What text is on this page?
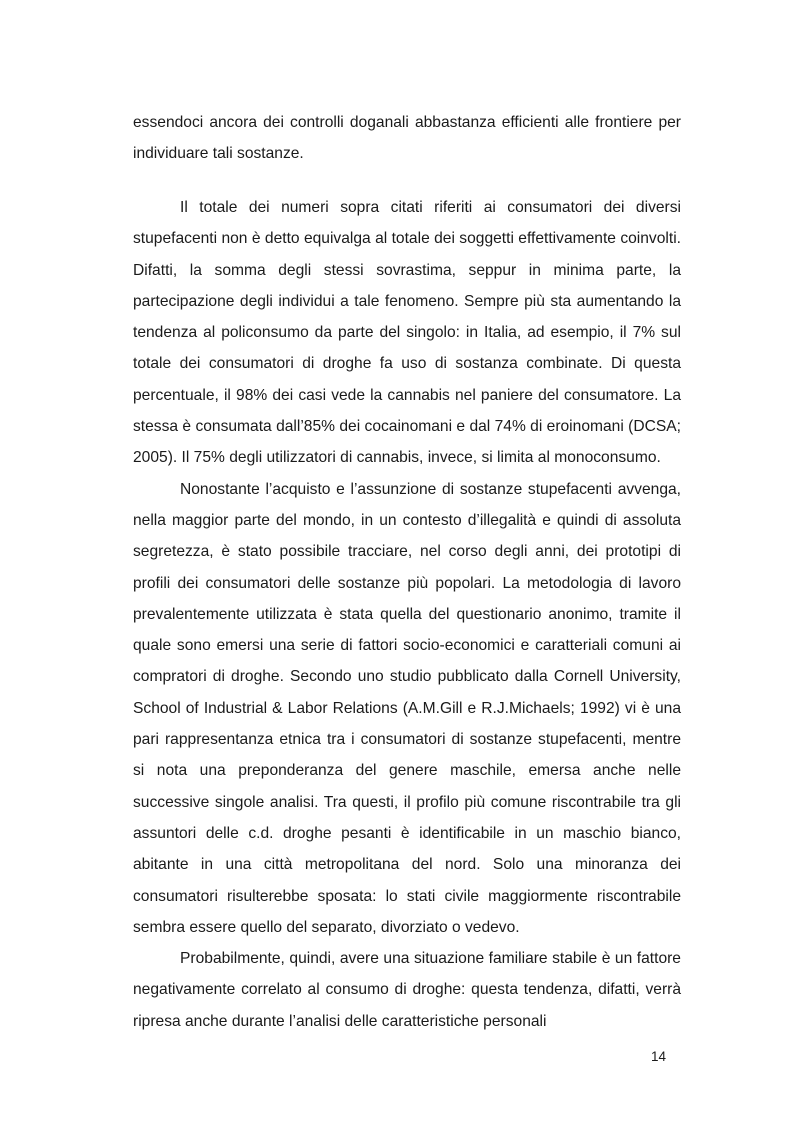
essendoci ancora dei controlli doganali abbastanza efficienti alle frontiere per individuare tali sostanze.

Il totale dei numeri sopra citati riferiti ai consumatori dei diversi stupefacenti non è detto equivalga al totale dei soggetti effettivamente coinvolti. Difatti, la somma degli stessi sovrastima, seppur in minima parte, la partecipazione degli individui a tale fenomeno. Sempre più sta aumentando la tendenza al policonsumo da parte del singolo: in Italia, ad esempio, il 7% sul totale dei consumatori di droghe fa uso di sostanza combinate. Di questa percentuale, il 98% dei casi vede la cannabis nel paniere del consumatore. La stessa è consumata dall’85% dei cocainomani e dal 74% di eroinomani (DCSA; 2005). Il 75% degli utilizzatori di cannabis, invece, si limita al monoconsumo.

Nonostante l’acquisto e l’assunzione di sostanze stupefacenti avvenga, nella maggior parte del mondo, in un contesto d’illegalità e quindi di assoluta segretezza, è stato possibile tracciare, nel corso degli anni, dei prototipi di profili dei consumatori delle sostanze più popolari. La metodologia di lavoro prevalentemente utilizzata è stata quella del questionario anonimo, tramite il quale sono emersi una serie di fattori socio-economici e caratteriali comuni ai compratori di droghe. Secondo uno studio pubblicato dalla Cornell University, School of Industrial & Labor Relations (A.M.Gill e R.J.Michaels; 1992) vi è una pari rappresentanza etnica tra i consumatori di sostanze stupefacenti, mentre si nota una preponderanza del genere maschile, emersa anche nelle successive singole analisi. Tra questi, il profilo più comune riscontrabile tra gli assuntori delle c.d. droghe pesanti è identificabile in un maschio bianco, abitante in una città metropolitana del nord. Solo una minoranza dei consumatori risulterebbe sposata: lo stati civile maggiormente riscontrabile sembra essere quello del separato, divorziato o vedevo.

Probabilmente, quindi, avere una situazione familiare stabile è un fattore negativamente correlato al consumo di droghe: questa tendenza, difatti, verrà ripresa anche durante l’analisi delle caratteristiche personali

14
